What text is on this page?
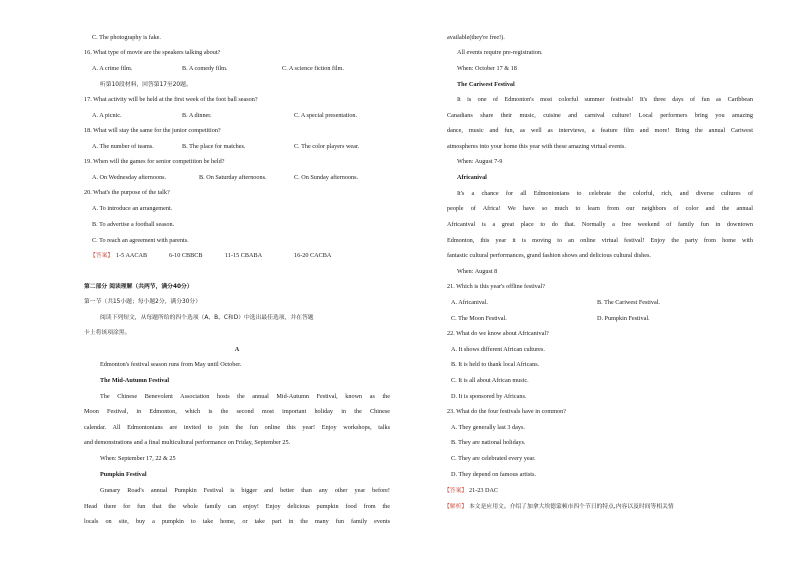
C. The photography is fake.
16. What type of movie are the speakers talking about?
A. A crime film.	B. A comedy film.	C. A science fiction film.
听第10段材料，回答第17至20题。
17. What activity will be held at the first week of the foot ball season?
A. A picnic.	B. A dinner.	C. A special presentation.
18. What will stay the same for the junior competition?
A. The number of teams.	B. The place for matches.	C. The color players wear.
19. When will the games for senior competition be held?
A. On Wednesday afternoons.	B. On Saturday afternoons.	C. On Sunday afternoons.
20. What's the purpose of the talk?
A. To introduce an arrangement.
B. To advertise a football season.
C. To reach an agreement with parents.
【答案】 1-5 AACAB	6-10 CBBCB	11-15 CBABA	16-20 CACBA
第二部分 阅读理解（共两节，满分40分）
第一节（共15小题；每小题2分，满分30分）
阅读下列短文，从每题所给的四个选项（A、B、C和D）中选出最佳选项，并在答题
卡上将该项涂黑。
A
Edmonton's festival season runs from May until October.
The Mid-Autumn Festival
The Chinese Benevolent Association hosts the annual Mid-Autumn Festival, known as the
Moon Festival, in Edmonton, which is the second most important holiday in the Chinese
calendar. All Edmontonians are invited to join the fun online this year! Enjoy workshops, talks
and demonstrations and a final multicultural performance on Friday, September 25.
When: September 17, 22 & 25
Pumpkin Festival
Granary Road's annual Pumpkin Festival is bigger and better than any other year before!
Head there for fun that the whole family can enjoy! Enjoy delicious pumpkin food from the
locals on site, buy a pumpkin to take home, or take part in the many fun family events
available(they're free!).
All events require pre-registration.
When: October 17 & 18
The Cariwest Festival
It is one of Edmonton's most colorful summer festivals! It's three days of fun as Caribbean
Canadians share their music, cuisine and carnival culture! Local performers bring you amazing
dance, music and fun, as well as interviews, a feature film and more! Bring the annual Cariwest
atmospheres into your home this year with these amazing virtual events.
When: August 7-9
Africanival
It's a chance for all Edmontonians to celebrate the colorful, rich, and diverse cultures of
people of Africa! We have so much to learn from our neighbors of color and the annual
Africanival is a great place to do that. Normally a free weekend of family fun in downtown
Edmonton, this year it is moving to an online virtual festival! Enjoy the party from home with
fantastic cultural performances, grand fashion shows and delicious cultural dishes.
When: August 8
21. Which is this year's offline festival?
A. Africanival.	B. The Cariwest Festival.
C. The Moon Festival.	D. Pumpkin Festival.
22. What do we know about Africanival?
A. It shows different African cultures.
B. It is held to thank local Africans.
C. It is all about African music.
D. It is sponsored by Africans.
23. What do the four festivals have in common?
A. They generally last 3 days.
B. They are national holidays.
C. They are celebrated every year.
D. They depend on famous artists.
【答案】 21-23 DAC
【解析】 本文是应用文。介绍了加拿大埃德蒙顿市四个节日的特点,内容以及时间等相关情
